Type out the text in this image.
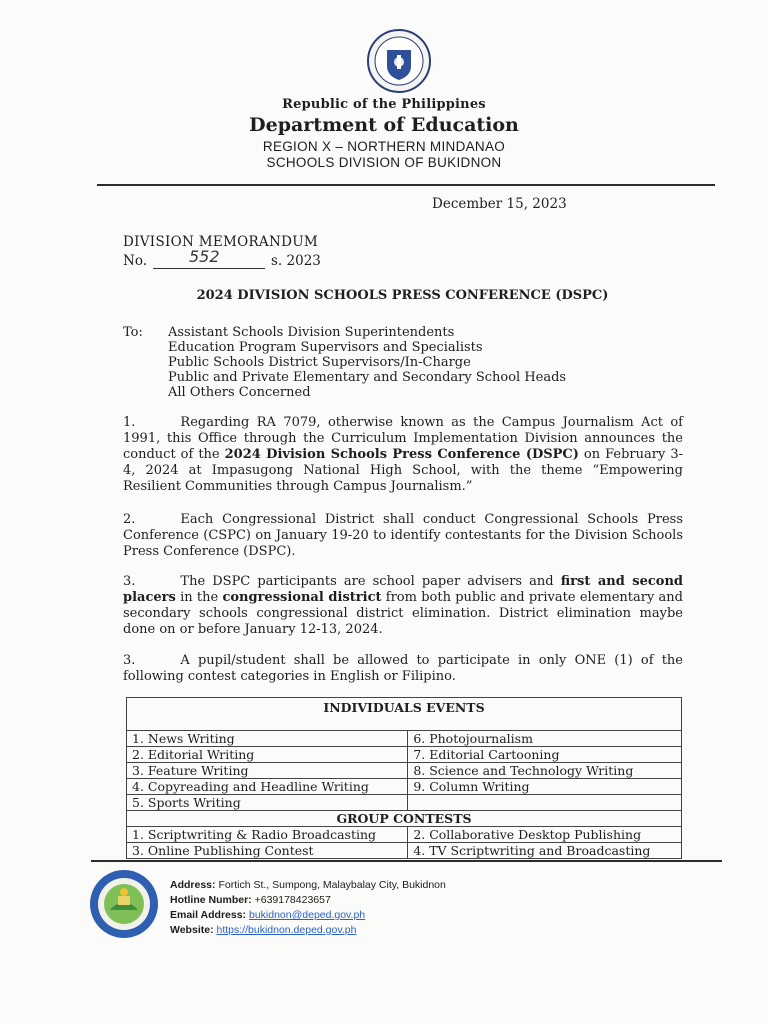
Republic of the Philippines
Department of Education
REGION X – NORTHERN MINDANAO
SCHOOLS DIVISION OF BUKIDNON
December 15, 2023
DIVISION MEMORANDUM
No.	552	s. 2023
2024 DIVISION SCHOOLS PRESS CONFERENCE (DSPC)
To: Assistant Schools Division Superintendents
Education Program Supervisors and Specialists
Public Schools District Supervisors/In-Charge
Public and Private Elementary and Secondary School Heads
All Others Concerned
1.	Regarding RA 7079, otherwise known as the Campus Journalism Act of 1991, this Office through the Curriculum Implementation Division announces the conduct of the 2024 Division Schools Press Conference (DSPC) on February 3-4, 2024 at Impasugong National High School, with the theme “Empowering Resilient Communities through Campus Journalism.”
2.	Each Congressional District shall conduct Congressional Schools Press Conference (CSPC) on January 19-20 to identify contestants for the Division Schools Press Conference (DSPC).
3.	The DSPC participants are school paper advisers and first and second placers in the congressional district from both public and private elementary and secondary schools congressional district elimination. District elimination maybe done on or before January 12-13, 2024.
3.	A pupil/student shall be allowed to participate in only ONE (1) of the following contest categories in English or Filipino.
INDIVIDUALS EVENTS	
1. News Writing	6. Photojournalism
2. Editorial Writing	7. Editorial Cartooning
3. Feature Writing	8. Science and Technology Writing
4. Copyreading and Headline Writing	9. Column Writing
5. Sports Writing	
GROUP CONTESTS	
1. Scriptwriting & Radio Broadcasting	2. Collaborative Desktop Publishing
3. Online Publishing Contest	4. TV Scriptwriting and Broadcasting
Address: Fortich St., Sumpong, Malaybalay City, Bukidnon
Hotline Number: +639178423657
Email Address: bukidnon@deped.gov.ph
Website: https://bukidnon.deped.gov.ph
